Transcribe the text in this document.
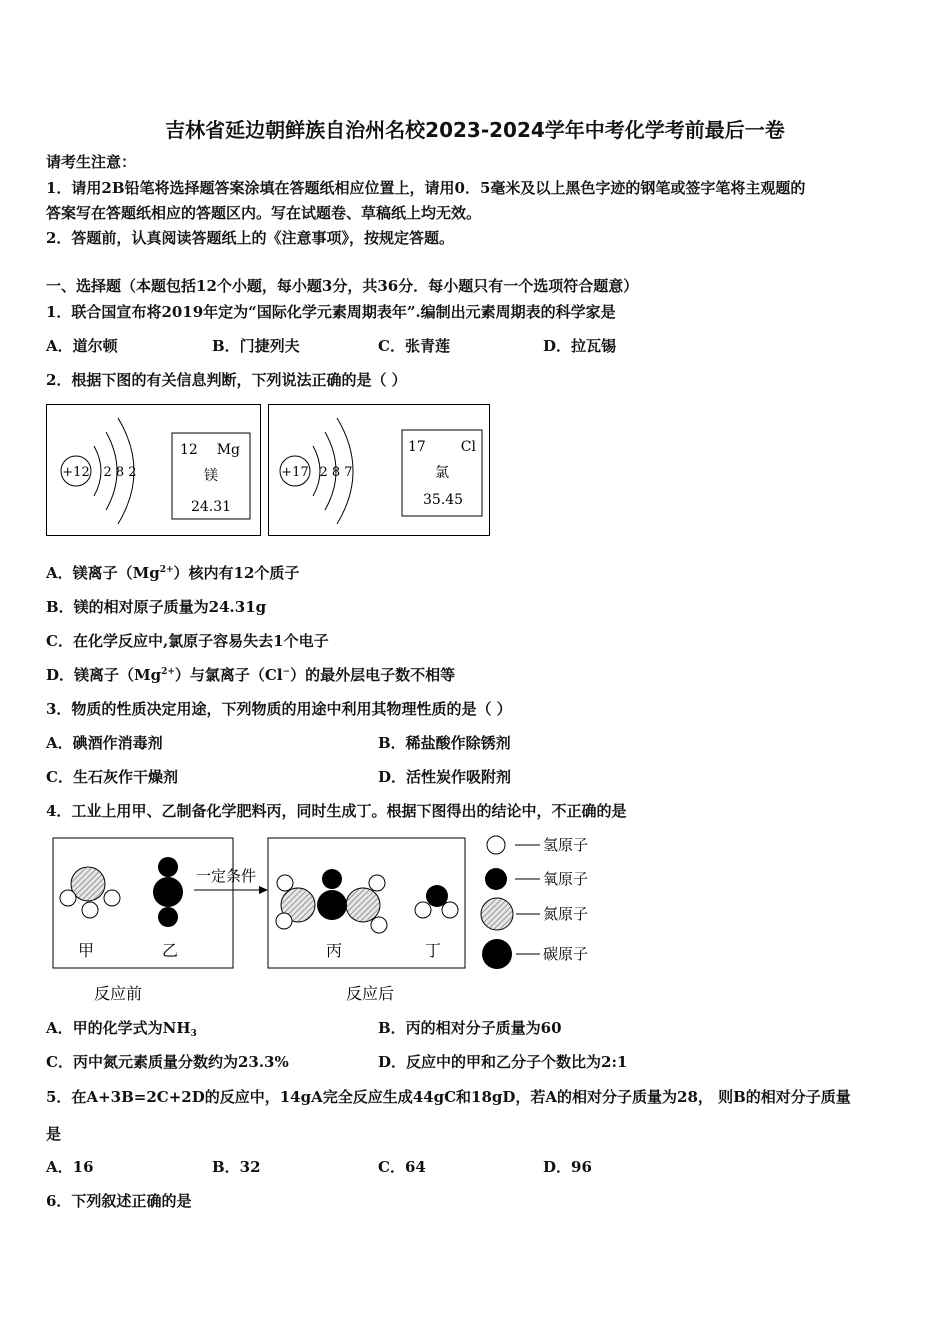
吉林省延边朝鲜族自治州名校2023-2024学年中考化学考前最后一卷
请考生注意：
1．请用2B铅笔将选择题答案涂填在答题纸相应位置上，请用0．5毫米及以上黑色字迹的钢笔或签字笔将主观题的
答案写在答题纸相应的答题区内。写在试题卷、草稿纸上均无效。
2．答题前，认真阅读答题纸上的《注意事项》，按规定答题。
一、选择题（本题包括12个小题，每小题3分，共36分．每小题只有一个选项符合题意）
1．联合国宣布将2019年定为“国际化学元素周期表年”.编制出元素周期表的科学家是
A．道尔顿	B．门捷列夫	C．张青莲	D．拉瓦锡
2．根据下图的有关信息判断，下列说法正确的是（ ）
+12 2 8 2
12 Mg
镁
24.31
+17 2 8 7
17 Cl
氯
35.45
A．镁离子$(Mg^{2+})$核内有12个质子
B．镁的相对原子质量为24.31g
C．在化学反应中,氯原子容易失去1个电子
D．镁离子$(Mg^{2+})$与氯离子（Cl−）的最外层电子数不相等
3．物质的性质决定用途，下列物质的用途中利用其物理性质的是（ ）
A．碘酒作消毒剂	B．稀盐酸作除锈剂
C．生石灰作干燥剂	D．活性炭作吸附剂
4．工业上用甲、乙制备化学肥料丙，同时生成丁。根据下图得出的结论中，不正确的是
甲	乙
一定条件
丙	丁
氢原子
氧原子
氮原子
碳原子
反应前	反应后
A．甲的化学式为$NH_3$	B．丙的相对分子质量为60
C．丙中氮元素质量分数约为23.3%	D．反应中的甲和乙分子个数比为2:1
5．在A+3B=2C+2D的反应中，14gA完全反应生成44gC和18gD，若A的相对分子质量为28， 则B的相对分子质量
是
A．16	B．32	C．64	D．96
6．下列叙述正确的是
